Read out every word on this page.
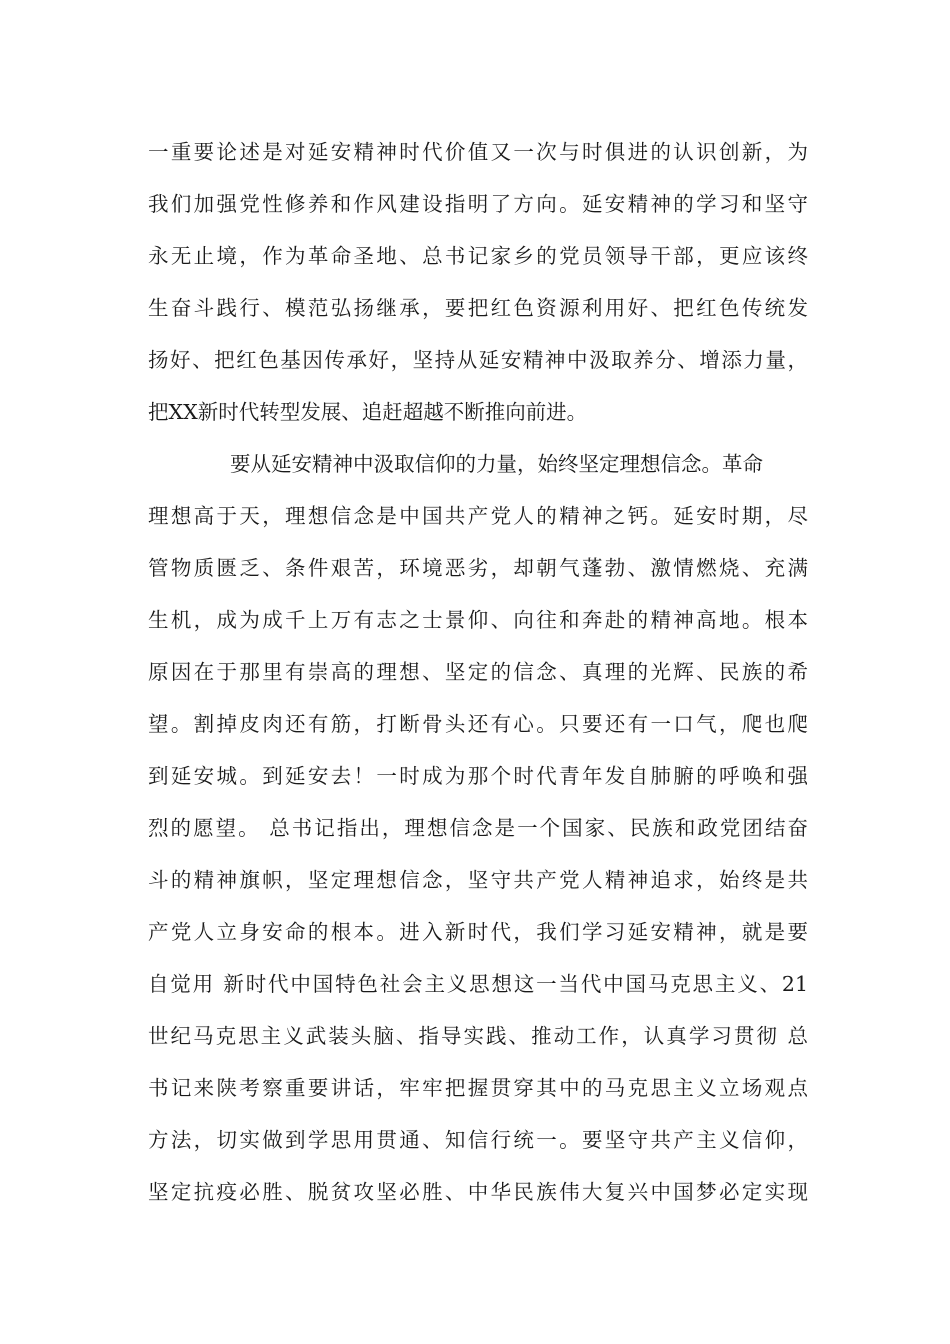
一重要论述是对延安精神时代价值又一次与时俱进的认识创新，为
我们加强党性修养和作风建设指明了方向。延安精神的学习和坚守
永无止境，作为革命圣地、总书记家乡的党员领导干部，更应该终
生奋斗践行、模范弘扬继承，要把红色资源利用好、把红色传统发
扬好、把红色基因传承好，坚持从延安精神中汲取养分、增添力量，
把XX新时代转型发展、追赶超越不断推向前进。
要从延安精神中汲取信仰的力量，始终坚定理想信念。革命
理想高于天，理想信念是中国共产党人的精神之钙。延安时期，尽
管物质匮乏、条件艰苦，环境恶劣，却朝气蓬勃、激情燃烧、充满
生机，成为成千上万有志之士景仰、向往和奔赴的精神高地。根本
原因在于那里有崇高的理想、坚定的信念、真理的光辉、民族的希
望。割掉皮肉还有筋，打断骨头还有心。只要还有一口气，爬也爬
到延安城。到延安去！一时成为那个时代青年发自肺腑的呼唤和强
烈的愿望。 总书记指出，理想信念是一个国家、民族和政党团结奋
斗的精神旗帜，坚定理想信念，坚守共产党人精神追求，始终是共
产党人立身安命的根本。进入新时代，我们学习延安精神，就是要
自觉用 新时代中国特色社会主义思想这一当代中国马克思主义、21
世纪马克思主义武装头脑、指导实践、推动工作，认真学习贯彻 总
书记来陕考察重要讲话，牢牢把握贯穿其中的马克思主义立场观点
方法，切实做到学思用贯通、知信行统一。要坚守共产主义信仰，
坚定抗疫必胜、脱贫攻坚必胜、中华民族伟大复兴中国梦必定实现
